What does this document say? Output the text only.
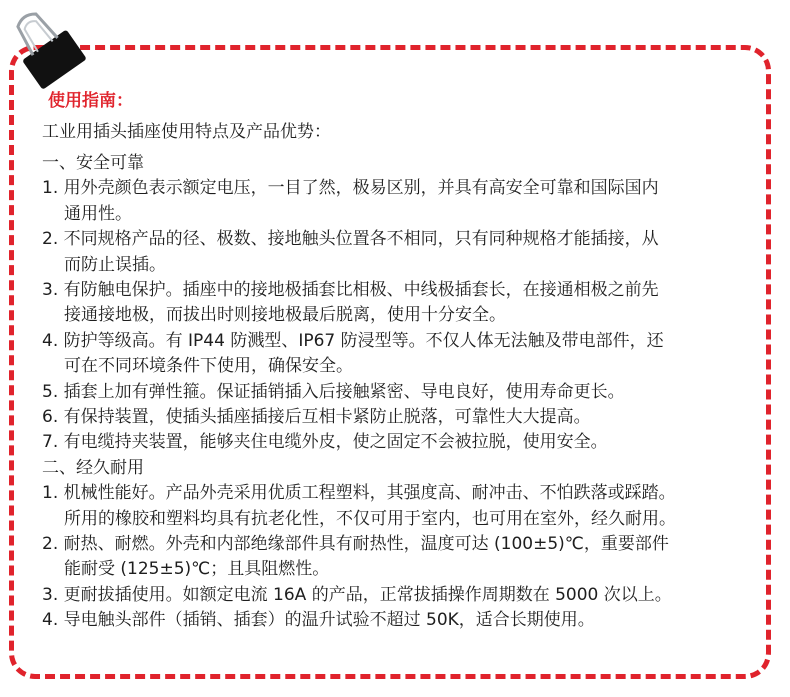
使用指南：
工业用插头插座使用特点及产品优势：
一、安全可靠
1. 用外壳颜色表示额定电压，一目了然，极易区别，并具有高安全可靠和国际国内
通用性。
2. 不同规格产品的径、极数、接地触头位置各不相同，只有同种规格才能插接，从
而防止误插。
3. 有防触电保护。插座中的接地极插套比相极、中线极插套长，在接通相极之前先
接通接地极，而拔出时则接地极最后脱离，使用十分安全。
4. 防护等级高。有 IP44 防溅型、IP67 防浸型等。不仅人体无法触及带电部件，还
可在不同环境条件下使用，确保安全。
5. 插套上加有弹性箍。保证插销插入后接触紧密、导电良好，使用寿命更长。
6. 有保持装置，使插头插座插接后互相卡紧防止脱落，可靠性大大提高。
7. 有电缆持夹装置，能够夹住电缆外皮，使之固定不会被拉脱，使用安全。
二、经久耐用
1. 机械性能好。产品外壳采用优质工程塑料，其强度高、耐冲击、不怕跌落或踩踏。
所用的橡胶和塑料均具有抗老化性，不仅可用于室内，也可用在室外，经久耐用。
2. 耐热、耐燃。外壳和内部绝缘部件具有耐热性，温度可达 (100±5)℃，重要部件
能耐受 (125±5)℃；且具阻燃性。
3. 更耐拔插使用。如额定电流 16A 的产品，正常拔插操作周期数在 5000 次以上。
4. 导电触头部件（插销、插套）的温升试验不超过 50K，适合长期使用。
